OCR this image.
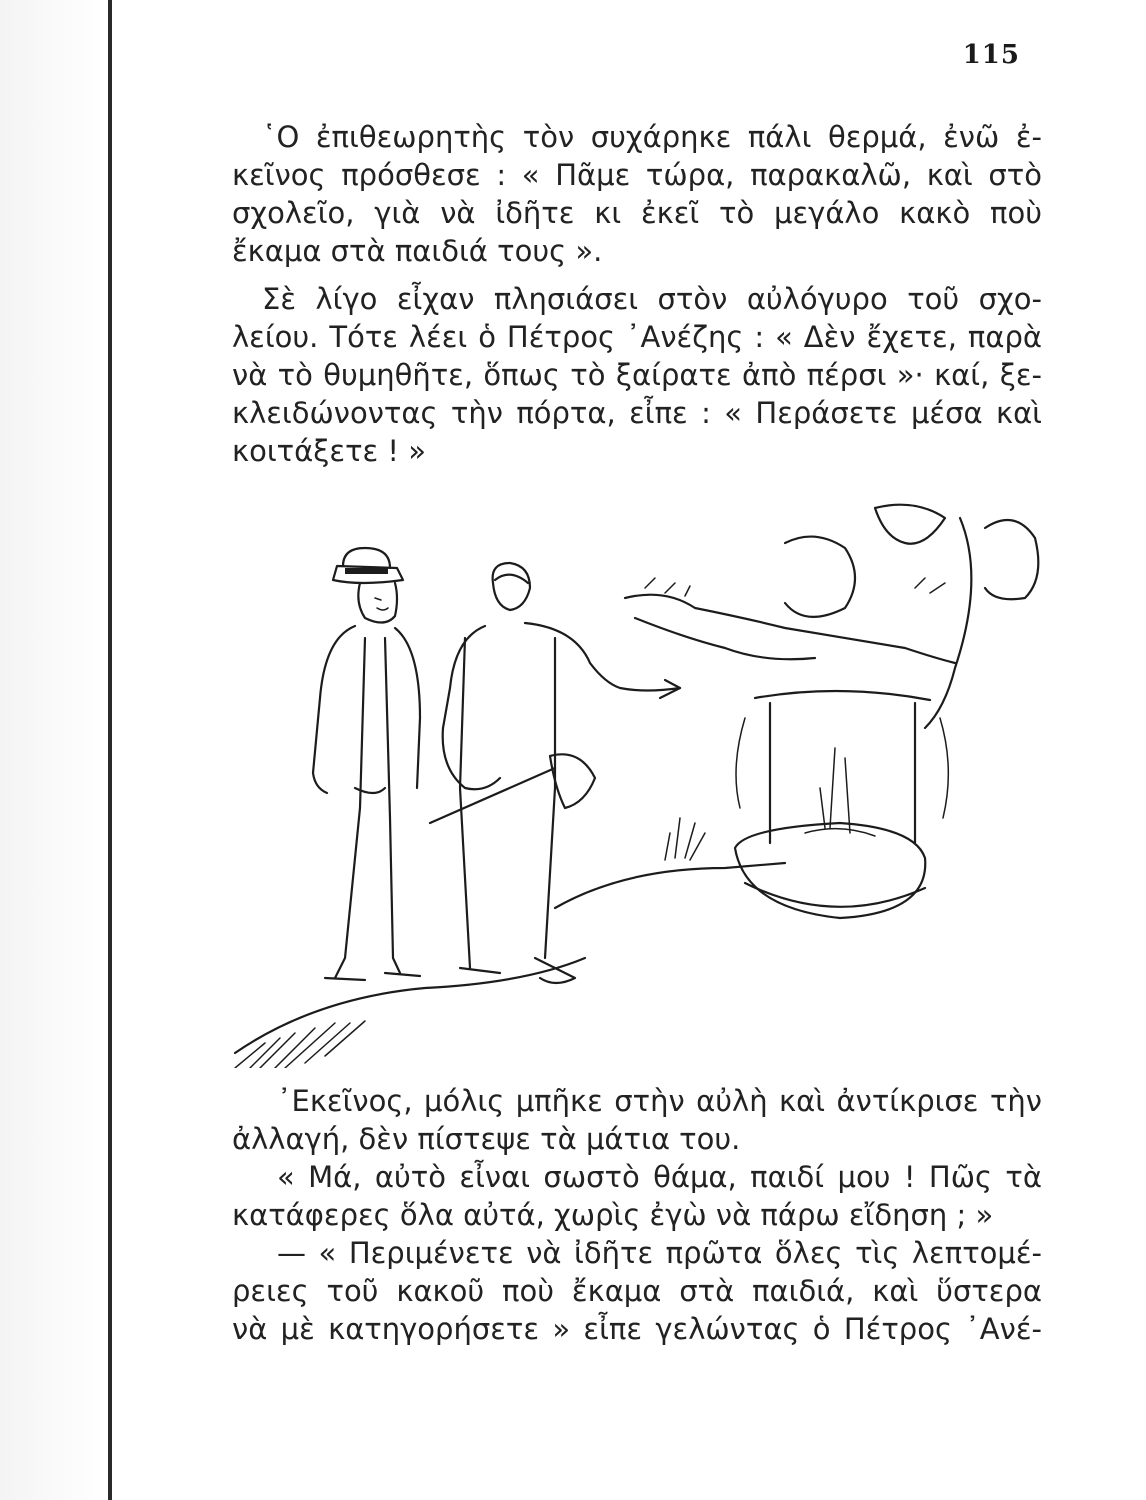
115
῾Ο ἐπιθεωρητὴς τὸν συχάρηκε πάλι θερμά, ἐνῶ ἐ-
κεῖνος πρόσθεσε : « Πᾶμε τώρα, παρακαλῶ, καὶ στὸ
σχολεῖο, γιὰ νὰ ἰδῆτε κι ἐκεῖ τὸ μεγάλο κακὸ ποὺ
ἔκαμα στὰ παιδιά τους ».
Σὲ λίγο εἶχαν πλησιάσει στὸν αὐλόγυρο τοῦ σχο-
λείου. Τότε λέει ὁ Πέτρος ᾿Ανέζης : « Δὲν ἔχετε, παρὰ
νὰ τὸ θυμηθῆτε, ὅπως τὸ ξαίρατε ἀπὸ πέρσι »· καί, ξε-
κλειδώνοντας τὴν πόρτα, εἶπε : « Περάσετε μέσα καὶ
κοιτάξετε ! »
᾿Εκεῖνος, μόλις μπῆκε στὴν αὐλὴ καὶ ἀντίκρισε τὴν
ἀλλαγή, δὲν πίστεψε τὰ μάτια του.
« Μά, αὐτὸ εἶναι σωστὸ θάμα, παιδί μου ! Πῶς τὰ
κατάφερες ὅλα αὐτά, χωρὶς ἐγὼ νὰ πάρω εἴδηση ; »
— « Περιμένετε νὰ ἰδῆτε πρῶτα ὅλες τὶς λεπτομέ-
ρειες τοῦ κακοῦ ποὺ ἔκαμα στὰ παιδιά, καὶ ὕστερα
νὰ μὲ κατηγορήσετε » εἶπε γελώντας ὁ Πέτρος ᾿Ανέ-
